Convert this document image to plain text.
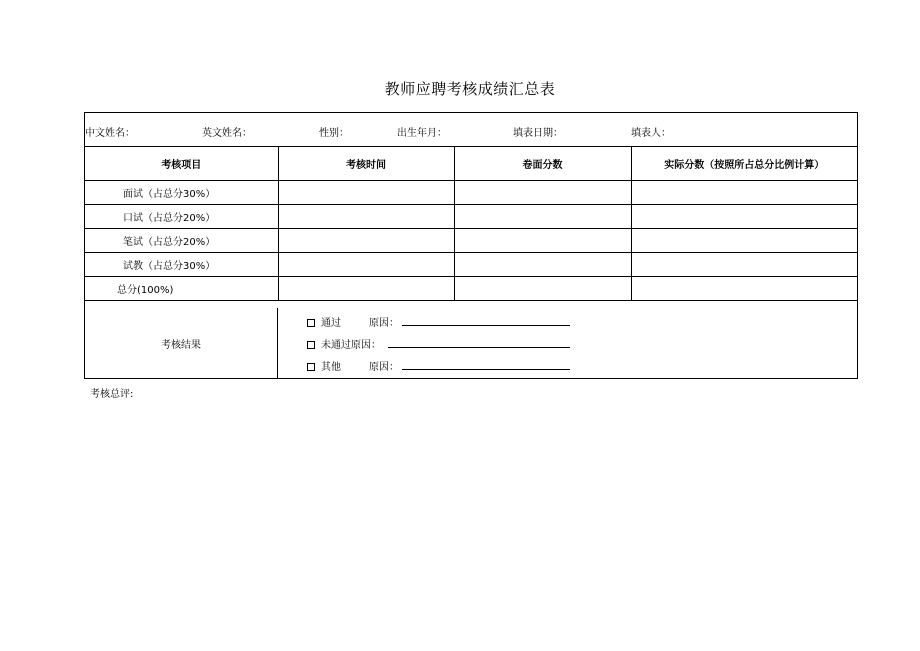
教师应聘考核成绩汇总表
中文姓名：	英文姓名：	性别：	出生年月：	填表日期：	填表人：
考核项目	考核时间	卷面分数	实际分数（按照所占总分比例计算）
面试（占总分30%）			
口试（占总分20%）			
笔试（占总分20%）			
试教（占总分30%）			
总分(100%)			
考核结果
通过	原因：
未通过原因：
其他	原因：
考核总评:
